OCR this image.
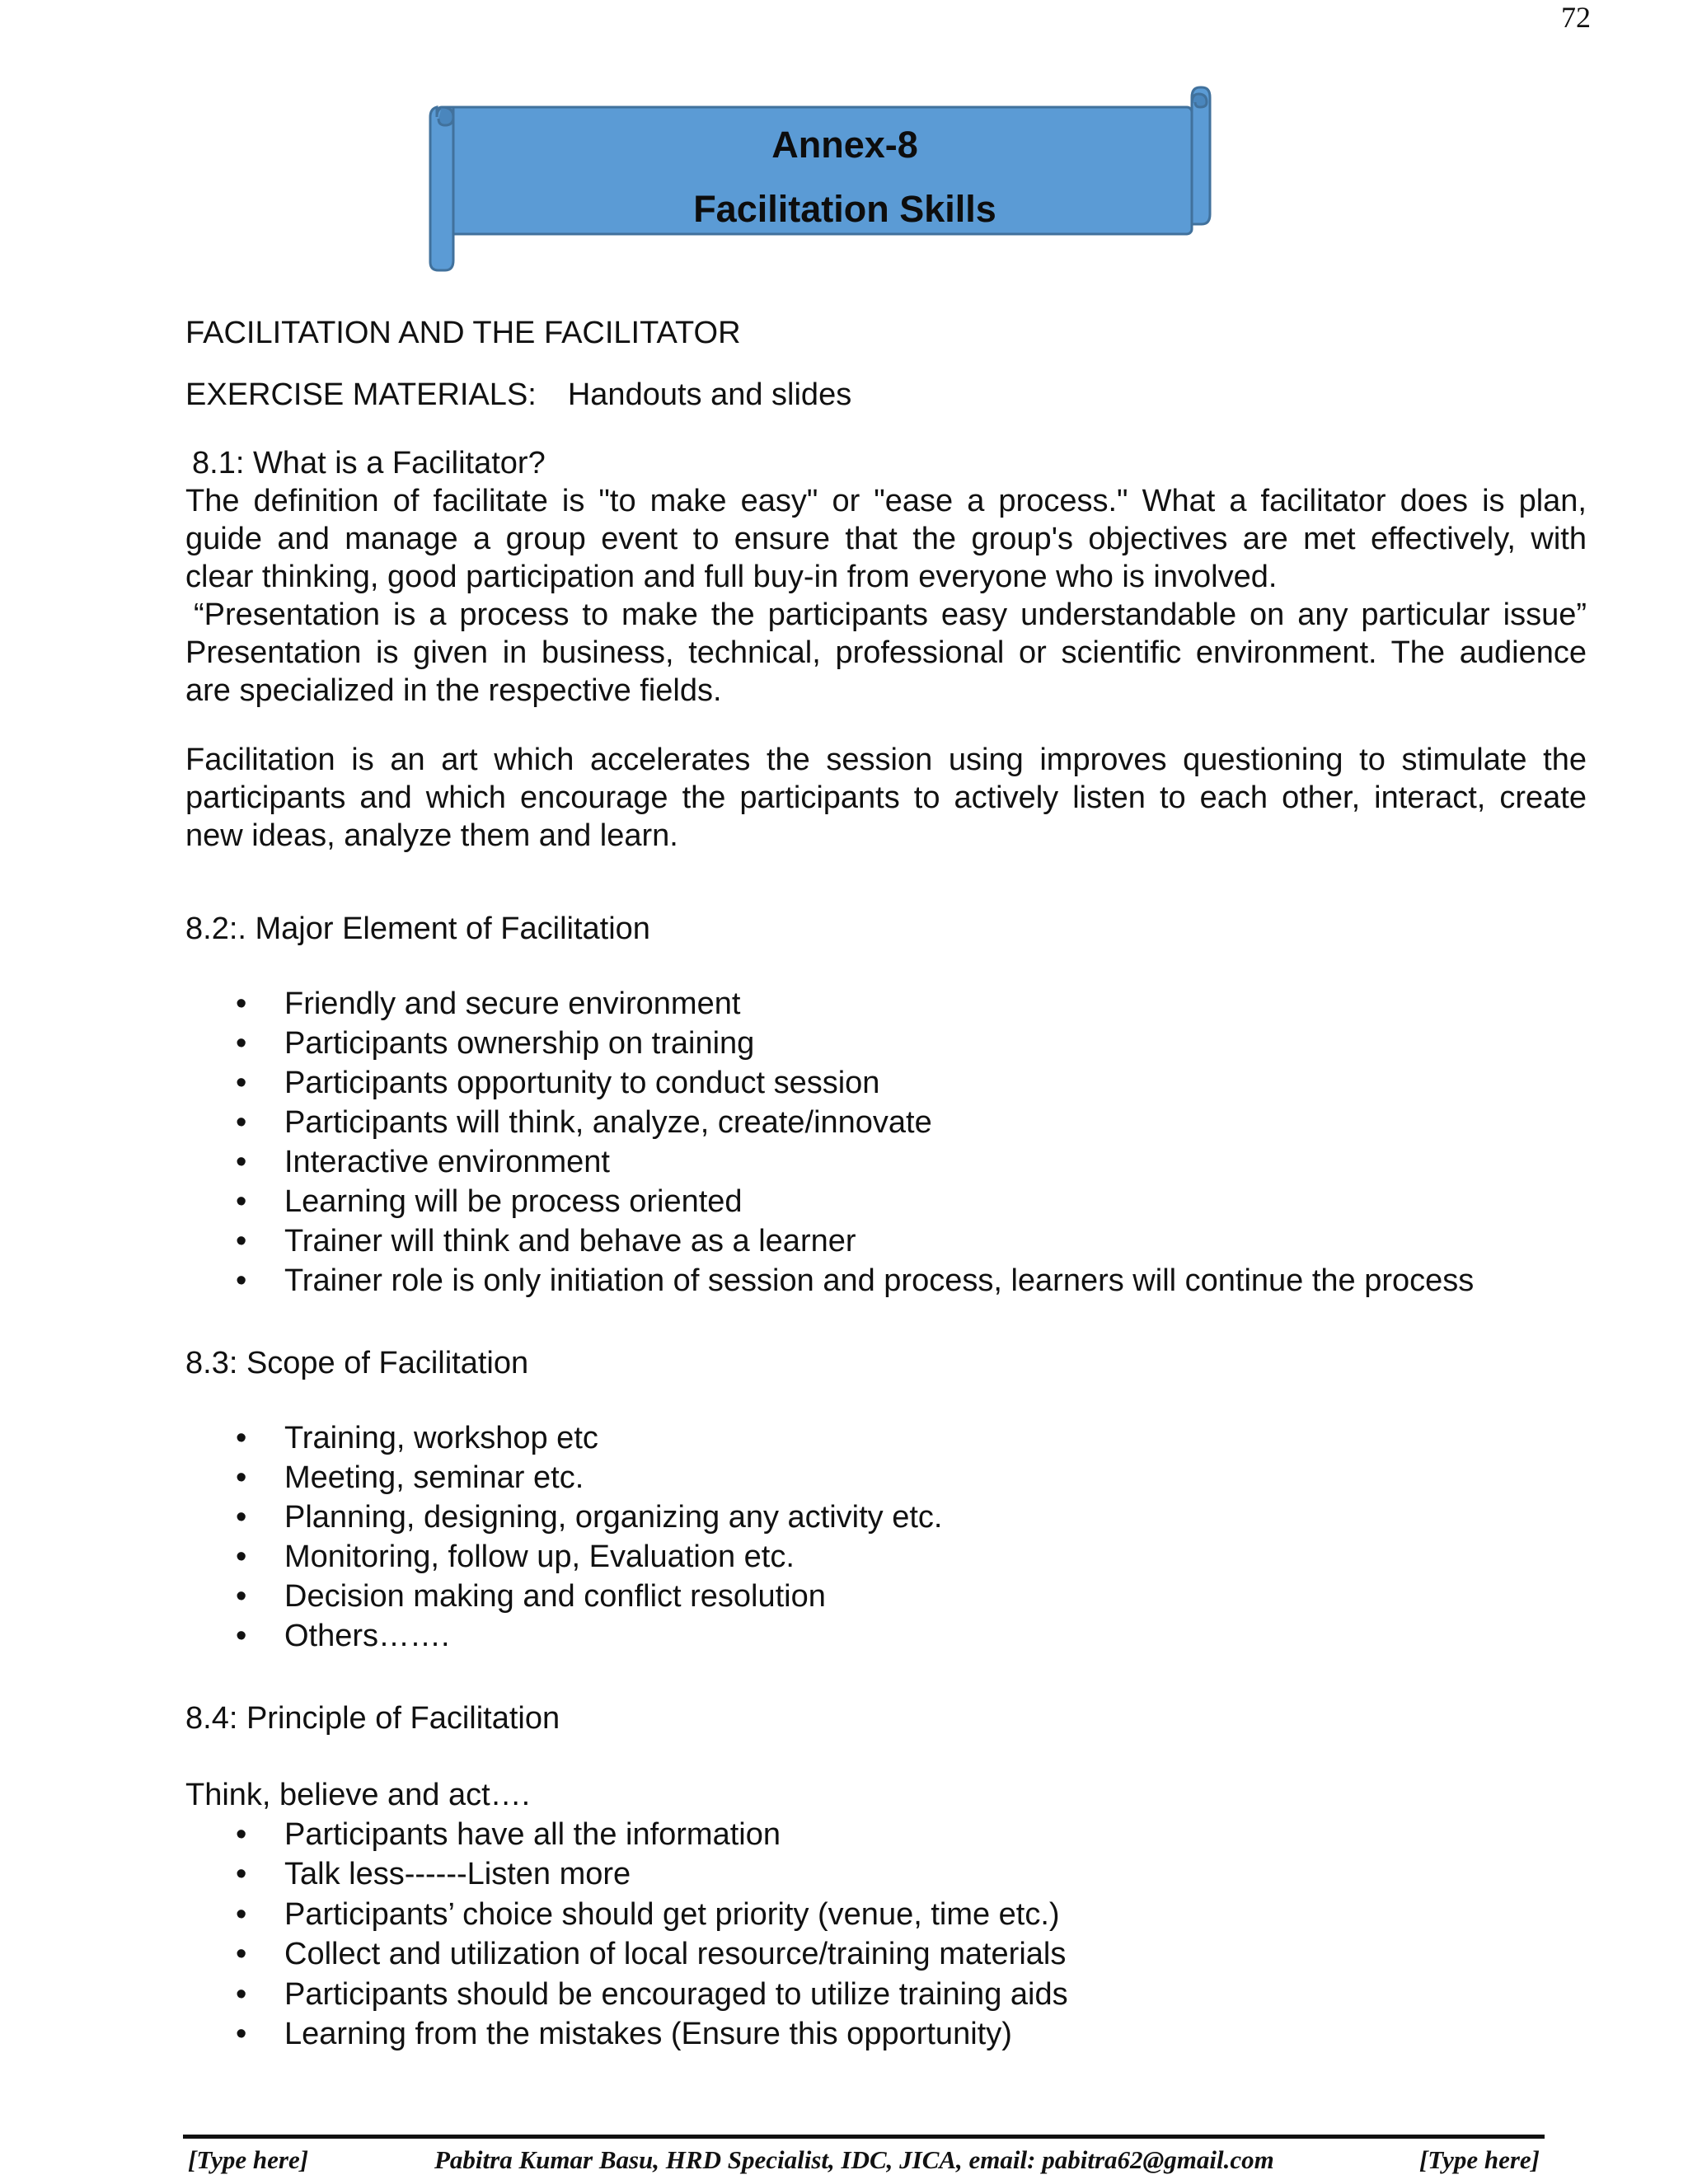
72
Annex-8
Facilitation Skills
FACILITATION AND THE FACILITATOR
EXERCISE MATERIALS: Handouts and slides
8.1: What is a Facilitator?
The definition of facilitate is "to make easy" or "ease a process." What a facilitator does is plan,
guide and manage a group event to ensure that the group's objectives are met effectively, with
clear thinking, good participation and full buy-in from everyone who is involved.
“Presentation is a process to make the participants easy understandable on any particular issue”
Presentation is given in business, technical, professional or scientific environment. The audience
are specialized in the respective fields.
Facilitation is an art which accelerates the session using improves questioning to stimulate the
participants and which encourage the participants to actively listen to each other, interact, create
new ideas, analyze them and learn.
8.2:. Major Element of Facilitation
• Friendly and secure environment
• Participants ownership on training
• Participants opportunity to conduct session
• Participants will think, analyze, create/innovate
• Interactive environment
• Learning will be process oriented
• Trainer will think and behave as a learner
• Trainer role is only initiation of session and process, learners will continue the process
8.3: Scope of Facilitation
• Training, workshop etc
• Meeting, seminar etc.
• Planning, designing, organizing any activity etc.
• Monitoring, follow up, Evaluation etc.
• Decision making and conflict resolution
• Others…….
8.4: Principle of Facilitation
Think, believe and act….
• Participants have all the information
• Talk less------Listen more
• Participants’ choice should get priority (venue, time etc.)
• Collect and utilization of local resource/training materials
• Participants should be encouraged to utilize training aids
• Learning from the mistakes (Ensure this opportunity)
[Type here]	Pabitra Kumar Basu, HRD Specialist, IDC, JICA, email: pabitra62@gmail.com	[Type here]
